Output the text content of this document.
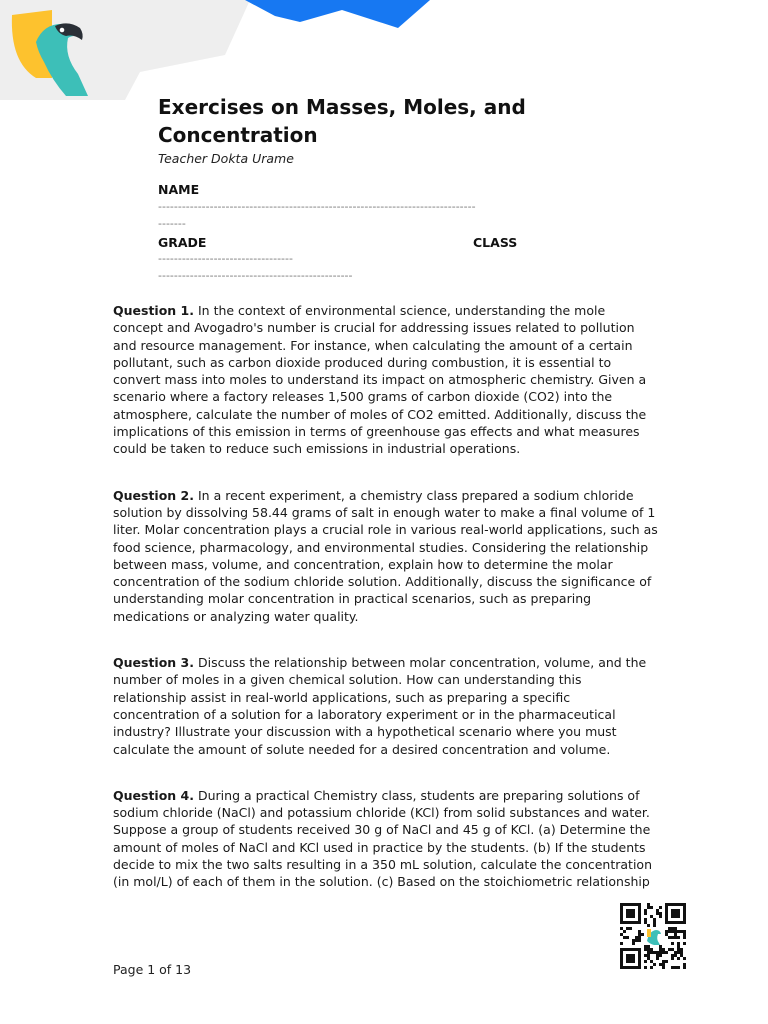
Exercises on Masses, Moles, and
Concentration
Teacher Dokta Urame
NAME
--------------------------------------------------------------------------------
-------
GRADE	CLASS
----------------------------------
-------------------------------------------------

Question 1. In the context of environmental science, understanding the mole concept and Avogadro's number is crucial for addressing issues related to pollution and resource management. For instance, when calculating the amount of a certain pollutant, such as carbon dioxide produced during combustion, it is essential to convert mass into moles to understand its impact on atmospheric chemistry. Given a scenario where a factory releases 1,500 grams of carbon dioxide (CO2) into the atmosphere, calculate the number of moles of CO2 emitted. Additionally, discuss the implications of this emission in terms of greenhouse gas effects and what measures could be taken to reduce such emissions in industrial operations.

Question 2. In a recent experiment, a chemistry class prepared a sodium chloride solution by dissolving 58.44 grams of salt in enough water to make a final volume of 1 liter. Molar concentration plays a crucial role in various real-world applications, such as food science, pharmacology, and environmental studies. Considering the relationship between mass, volume, and concentration, explain how to determine the molar concentration of the sodium chloride solution. Additionally, discuss the significance of understanding molar concentration in practical scenarios, such as preparing medications or analyzing water quality.

Question 3. Discuss the relationship between molar concentration, volume, and the number of moles in a given chemical solution. How can understanding this relationship assist in real-world applications, such as preparing a specific concentration of a solution for a laboratory experiment or in the pharmaceutical industry? Illustrate your discussion with a hypothetical scenario where you must calculate the amount of solute needed for a desired concentration and volume.

Question 4. During a practical Chemistry class, students are preparing solutions of sodium chloride (NaCl) and potassium chloride (KCl) from solid substances and water. Suppose a group of students received 30 g of NaCl and 45 g of KCl. (a) Determine the amount of moles of NaCl and KCl used in practice by the students. (b) If the students decide to mix the two salts resulting in a 350 mL solution, calculate the concentration (in mol/L) of each of them in the solution. (c) Based on the stoichiometric relationship

Page 1 of 13
